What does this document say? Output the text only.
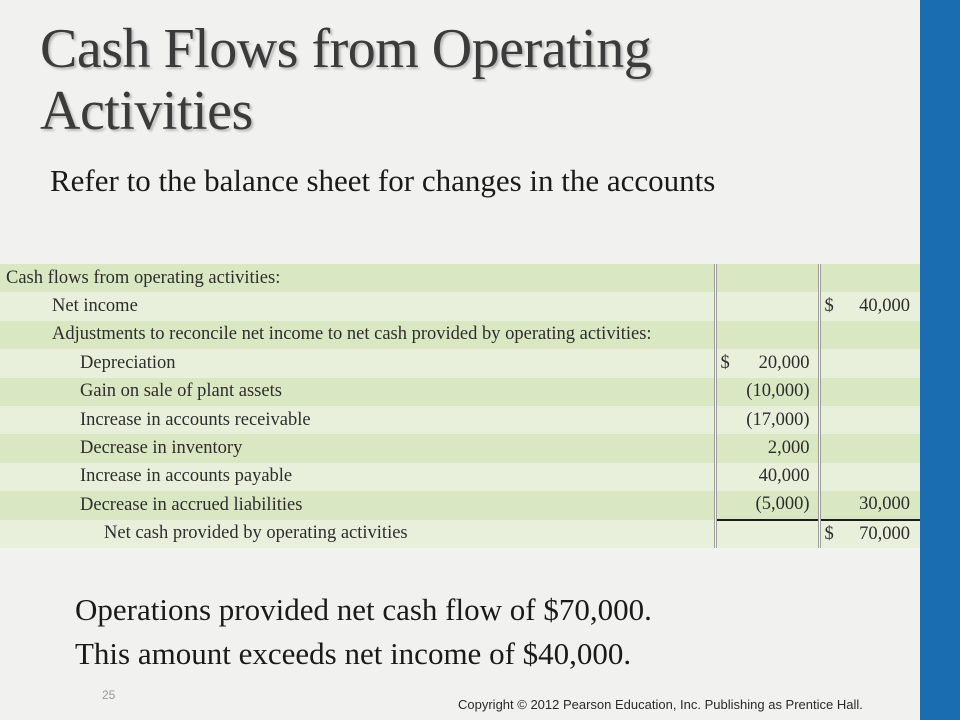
Cash Flows from Operating
Activities

Refer to the balance sheet for changes in the accounts

Cash flows from operating activities:	

Net income		$ 40,000

Adjustments to reconcile net income to net cash provided by operating activities:	

Depreciation	$ 20,000	

Gain on sale of plant assets	(10,000)	

Increase in accounts receivable	(17,000)	

Decrease in inventory	2,000	

Increase in accounts payable	40,000	

Decrease in accrued liabilities	(5,000)	30,000

Net cash provided by operating activities		$ 70,000

Operations provided net cash flow of $70,000.
This amount exceeds net income of $40,000.

25
Copyright © 2012 Pearson Education, Inc. Publishing as Prentice Hall.
